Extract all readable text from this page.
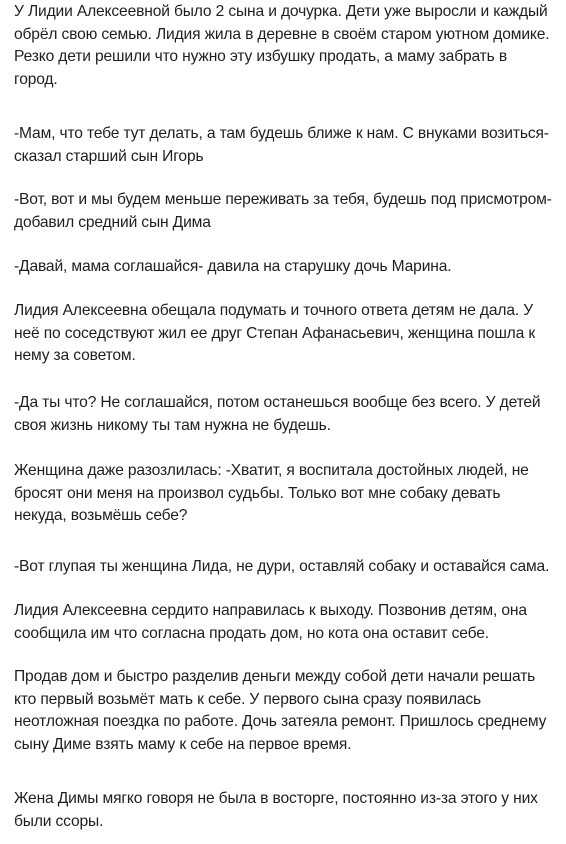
У Лидии Алексеевной было 2 сына и дочурка. Дети уже выросли и каждый
обрёл свою семью. Лидия жила в деревне в своём старом уютном домике.
Резко дети решили что нужно эту избушку продать, а маму забрать в
город.

-Мам, что тебе тут делать, а там будешь ближе к нам. С внуками возиться-
сказал старший сын Игорь

-Вот, вот и мы будем меньше переживать за тебя, будешь под присмотром-
добавил средний сын Дима

-Давай, мама соглашайся- давила на старушку дочь Марина.

Лидия Алексеевна обещала подумать и точного ответа детям не дала. У
неё по соседствуют жил ее друг Степан Афанасьевич, женщина пошла к
нему за советом.

-Да ты что? Не соглашайся, потом останешься вообще без всего. У детей
своя жизнь никому ты там нужна не будешь.

Женщина даже разозлилась: -Хватит, я воспитала достойных людей, не
бросят они меня на произвол судьбы. Только вот мне собаку девать
некуда, возьмёшь себе?

-Вот глупая ты женщина Лида, не дури, оставляй собаку и оставайся сама.

Лидия Алексеевна сердито направилась к выходу. Позвонив детям, она
сообщила им что согласна продать дом, но кота она оставит себе.

Продав дом и быстро разделив деньги между собой дети начали решать
кто первый возьмёт мать к себе. У первого сына сразу появилась
неотложная поездка по работе. Дочь затеяла ремонт. Пришлось среднему
сыну Диме взять маму к себе на первое время.

Жена Димы мягко говоря не была в восторге, постоянно из-за этого у них
были ссоры.
